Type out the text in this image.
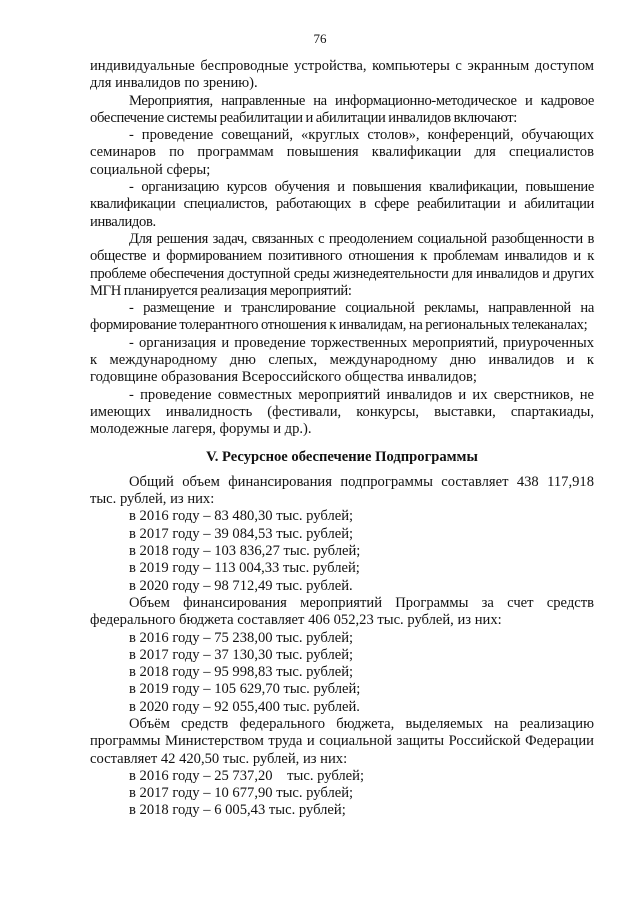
76

индивидуальные беспроводные устройства, компьютеры с экранным доступом для инвалидов по зрению).

Мероприятия, направленные на информационно-методическое и кадровое обеспечение системы реабилитации и абилитации инвалидов включают:

- проведение совещаний, «круглых столов», конференций, обучающих семинаров по программам повышения квалификации для специалистов социальной сферы;

- организацию курсов обучения и повышения квалификации, повышение квалификации специалистов, работающих в сфере реабилитации и абилитации инвалидов.

Для решения задач, связанных с преодолением социальной разобщенности в обществе и формированием позитивного отношения к проблемам инвалидов и к проблеме обеспечения доступной среды жизнедеятельности для инвалидов и других МГН планируется реализация мероприятий:

- размещение и транслирование социальной рекламы, направленной на формирование толерантного отношения к инвалидам, на региональных телеканалах;

- организация и проведение торжественных мероприятий, приуроченных к международному дню слепых, международному дню инвалидов и к годовщине образования Всероссийского общества инвалидов;

- проведение совместных мероприятий инвалидов и их сверстников, не имеющих инвалидность (фестивали, конкурсы, выставки, спартакиады, молодежные лагеря, форумы и др.).

V. Ресурсное обеспечение Подпрограммы

Общий объем финансирования подпрограммы составляет 438 117,918 тыс. рублей, из них:

в 2016 году – 83 480,30 тыс. рублей;

в 2017 году – 39 084,53 тыс. рублей;

в 2018 году – 103 836,27 тыс. рублей;

в 2019 году – 113 004,33 тыс. рублей;

в 2020 году – 98 712,49 тыс. рублей.

Объем финансирования мероприятий Программы за счет средств федерального бюджета составляет 406 052,23 тыс. рублей, из них:

в 2016 году – 75 238,00 тыс. рублей;

в 2017 году – 37 130,30 тыс. рублей;

в 2018 году – 95 998,83 тыс. рублей;

в 2019 году – 105 629,70 тыс. рублей;

в 2020 году – 92 055,400 тыс. рублей.

Объём средств федерального бюджета, выделяемых на реализацию программы Министерством труда и социальной защиты Российской Федерации составляет 42 420,50 тыс. рублей, из них:

в 2016 году – 25 737,20    тыс. рублей;

в 2017 году – 10 677,90 тыс. рублей;

в 2018 году – 6 005,43 тыс. рублей;
